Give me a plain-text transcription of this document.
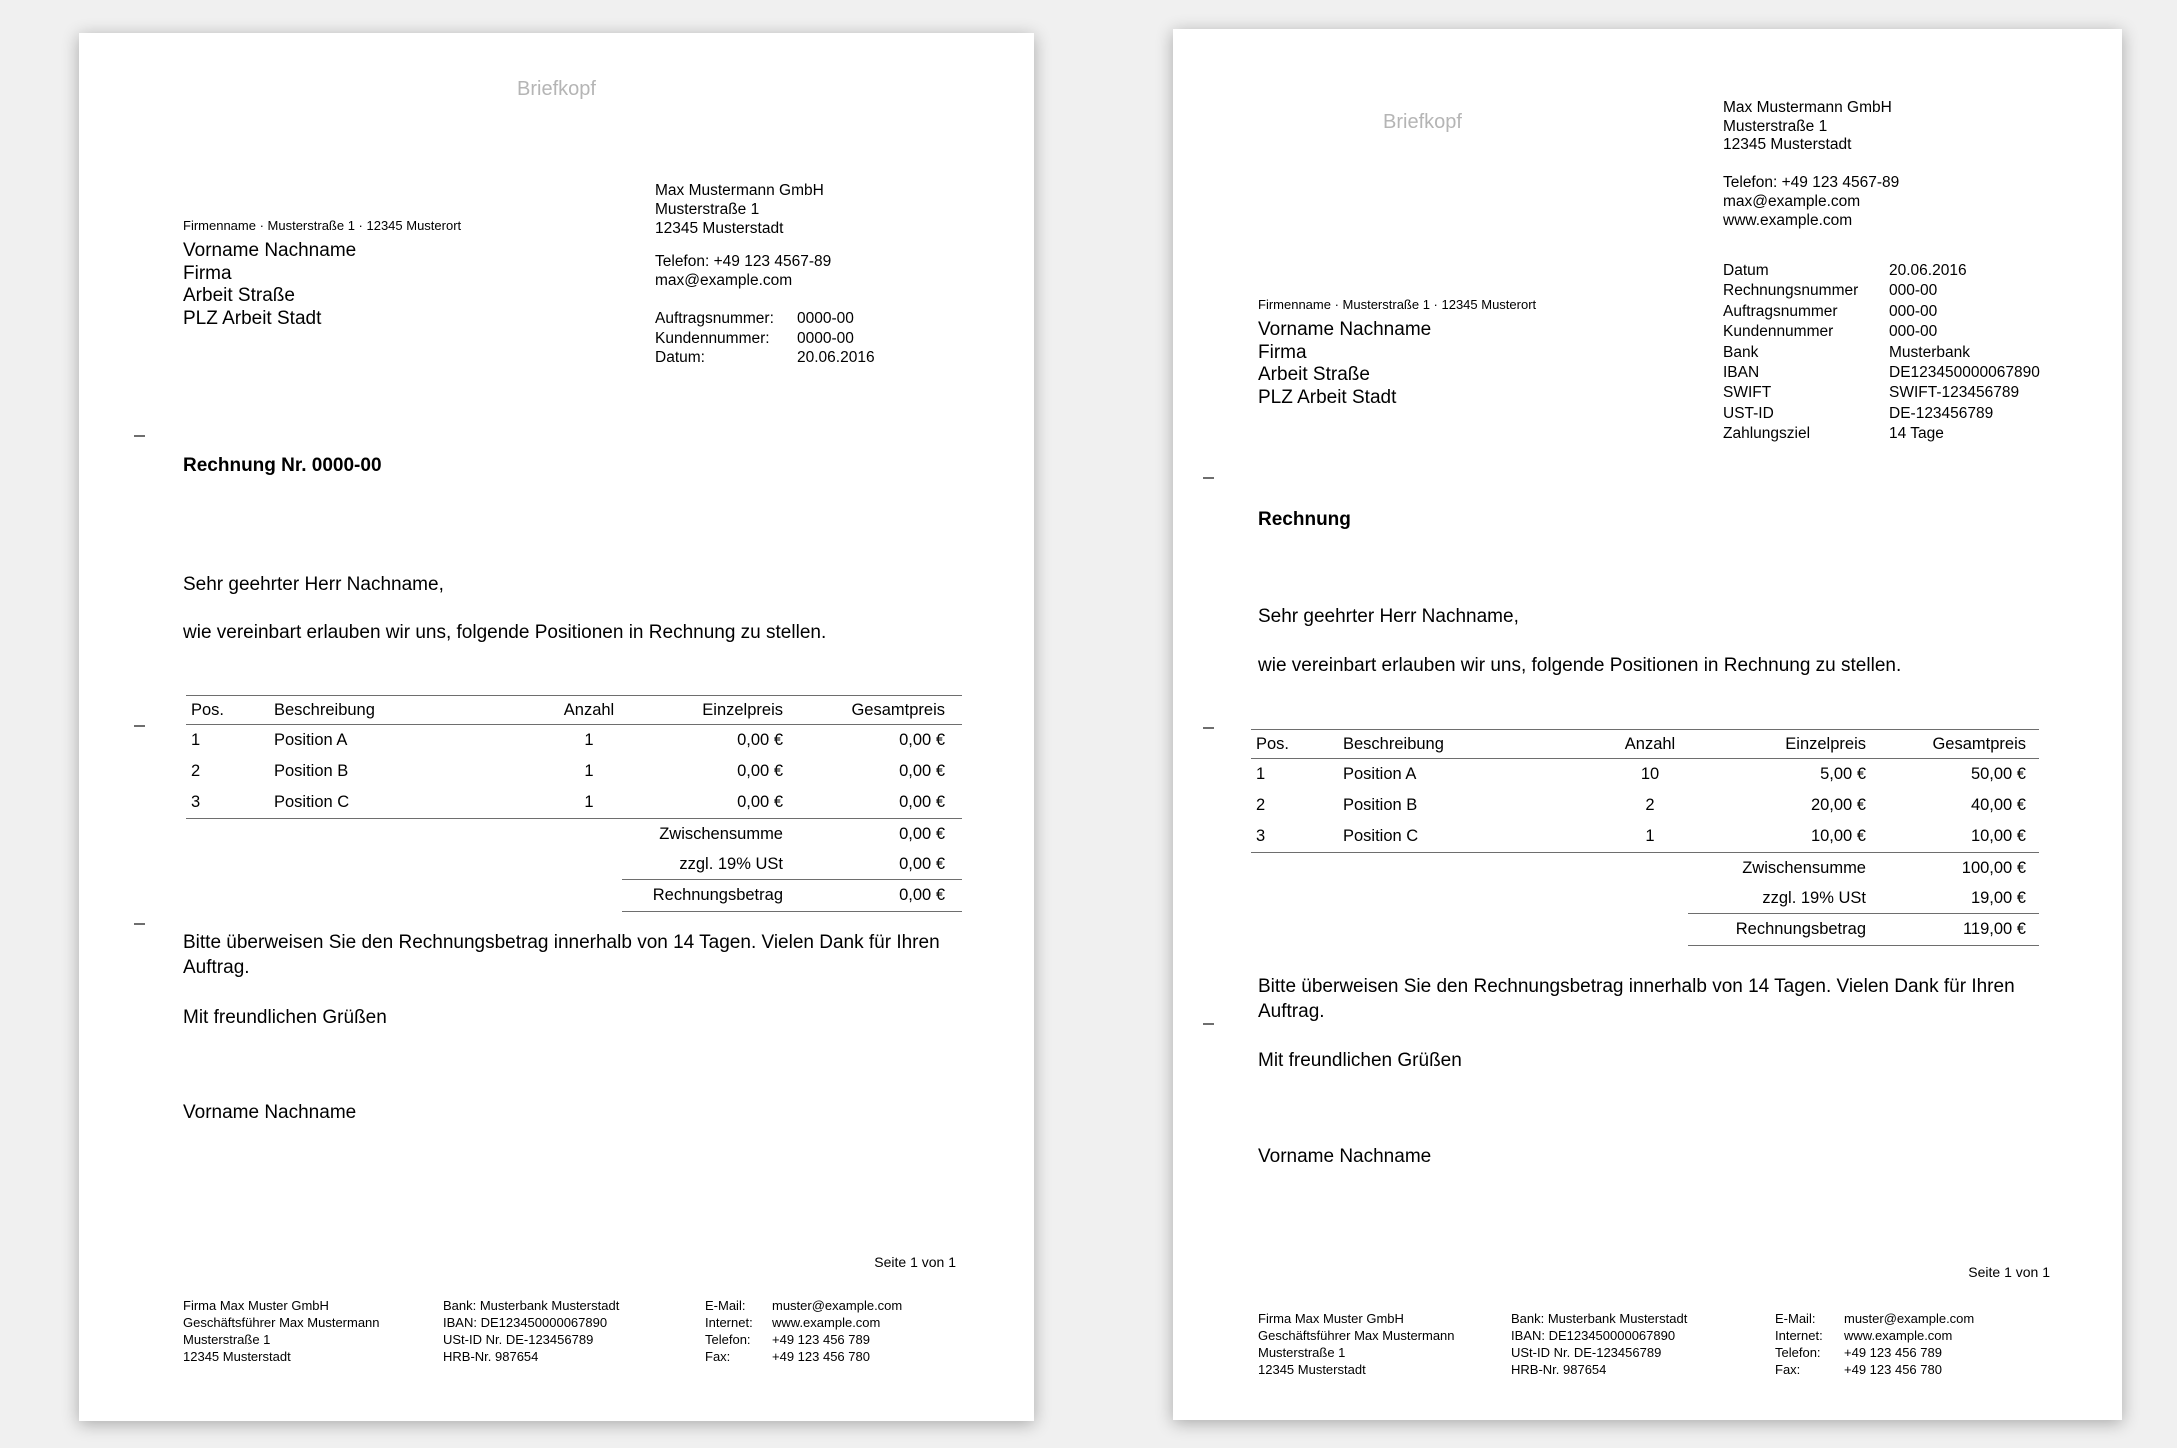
Briefkopf
Firmenname · Musterstraße 1 · 12345 Musterort
Vorname Nachname
Firma
Arbeit Straße
PLZ Arbeit Stadt
Max Mustermann GmbH
Musterstraße 1
12345 Musterstadt
Telefon: +49 123 4567-89
max@example.com
Auftragsnummer:	0000-00
Kundennummer:	0000-00
Datum:	20.06.2016
Rechnung Nr. 0000-00
Sehr geehrter Herr Nachname,
wie vereinbart erlauben wir uns, folgende Positionen in Rechnung zu stellen.
Pos.	Beschreibung	Anzahl	Einzelpreis	Gesamtpreis
1	Position A	1	0,00 €	0,00 €
2	Position B	1	0,00 €	0,00 €
3	Position C	1	0,00 €	0,00 €
Zwischensumme	0,00 €
zzgl. 19% USt	0,00 €
Rechnungsbetrag	0,00 €
Bitte überweisen Sie den Rechnungsbetrag innerhalb von 14 Tagen. Vielen Dank für Ihren Auftrag.
Mit freundlichen Grüßen
Vorname Nachname
Seite 1 von 1
Firma Max Muster GmbH
Geschäftsführer Max Mustermann
Musterstraße 1
12345 Musterstadt
Bank: Musterbank Musterstadt
IBAN: DE123450000067890
USt-ID Nr. DE-123456789
HRB-Nr. 987654
E-Mail:	muster@example.com
Internet:	www.example.com
Telefon:	+49 123 456 789
Fax:	+49 123 456 780
Briefkopf
Max Mustermann GmbH
Musterstraße 1
12345 Musterstadt
Telefon: +49 123 4567-89
max@example.com
www.example.com
Datum	20.06.2016
Rechnungsnummer	000-00
Auftragsnummer	000-00
Kundennummer	000-00
Bank	Musterbank
IBAN	DE123450000067890
SWIFT	SWIFT-123456789
UST-ID	DE-123456789
Zahlungsziel	14 Tage
Firmenname · Musterstraße 1 · 12345 Musterort
Vorname Nachname
Firma
Arbeit Straße
PLZ Arbeit Stadt
Rechnung
Sehr geehrter Herr Nachname,
wie vereinbart erlauben wir uns, folgende Positionen in Rechnung zu stellen.
Pos.	Beschreibung	Anzahl	Einzelpreis	Gesamtpreis
1	Position A	10	5,00 €	50,00 €
2	Position B	2	20,00 €	40,00 €
3	Position C	1	10,00 €	10,00 €
Zwischensumme	100,00 €
zzgl. 19% USt	19,00 €
Rechnungsbetrag	119,00 €
Bitte überweisen Sie den Rechnungsbetrag innerhalb von 14 Tagen. Vielen Dank für Ihren Auftrag.
Mit freundlichen Grüßen
Vorname Nachname
Seite 1 von 1
Firma Max Muster GmbH
Geschäftsführer Max Mustermann
Musterstraße 1
12345 Musterstadt
Bank: Musterbank Musterstadt
IBAN: DE123450000067890
USt-ID Nr. DE-123456789
HRB-Nr. 987654
E-Mail:	muster@example.com
Internet:	www.example.com
Telefon:	+49 123 456 789
Fax:	+49 123 456 780
